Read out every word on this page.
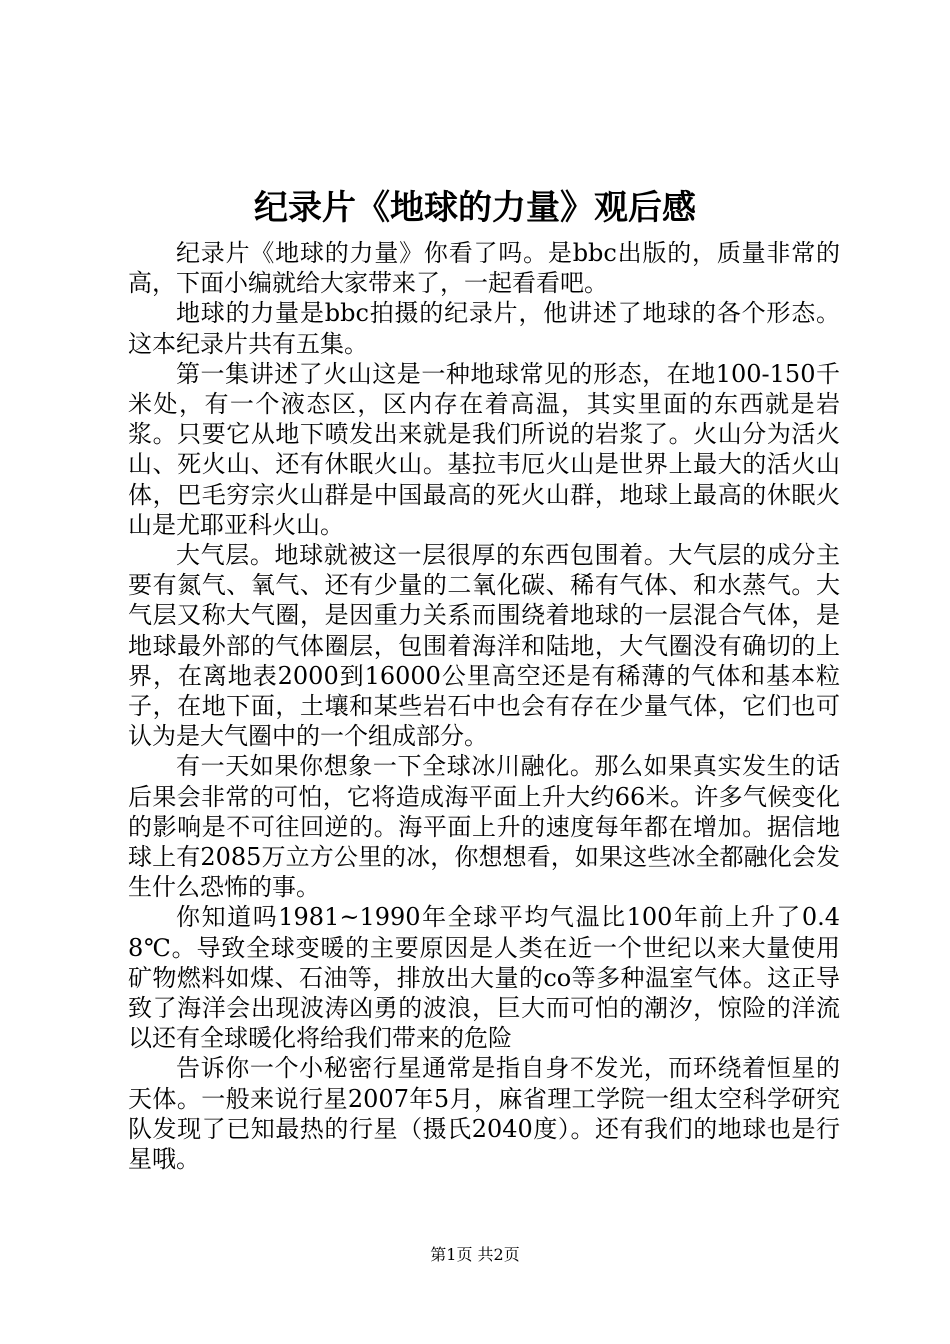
纪录片《地球的力量》观后感

纪录片《地球的力量》你看了吗。是bbc出版的，质量非常的高，下面小编就给大家带来了，一起看看吧。

地球的力量是bbc拍摄的纪录片，他讲述了地球的各个形态。这本纪录片共有五集。

第一集讲述了火山这是一种地球常见的形态，在地100-150千米处，有一个液态区，区内存在着高温，其实里面的东西就是岩浆。只要它从地下喷发出来就是我们所说的岩浆了。火山分为活火山、死火山、还有休眠火山。基拉韦厄火山是世界上最大的活火山体，巴毛穷宗火山群是中国最高的死火山群，地球上最高的休眠火山是尤耶亚科火山。

大气层。地球就被这一层很厚的东西包围着。大气层的成分主要有氮气、氧气、还有少量的二氧化碳、稀有气体、和水蒸气。大气层又称大气圈，是因重力关系而围绕着地球的一层混合气体，是地球最外部的气体圈层，包围着海洋和陆地，大气圈没有确切的上界，在离地表2000到16000公里高空还是有稀薄的气体和基本粒子，在地下面，土壤和某些岩石中也会有存在少量气体，它们也可认为是大气圈中的一个组成部分。

有一天如果你想象一下全球冰川融化。那么如果真实发生的话后果会非常的可怕，它将造成海平面上升大约66米。许多气候变化的影响是不可往回逆的。海平面上升的速度每年都在增加。据信地球上有2085万立方公里的冰，你想想看，如果这些冰全都融化会发生什么恐怖的事。

你知道吗1981~1990年全球平均气温比100年前上升了0.48℃。导致全球变暖的主要原因是人类在近一个世纪以来大量使用矿物燃料如煤、石油等，排放出大量的co等多种温室气体。这正导致了海洋会出现波涛凶勇的波浪，巨大而可怕的潮汐，惊险的洋流以还有全球暖化将给我们带来的危险

告诉你一个小秘密行星通常是指自身不发光，而环绕着恒星的天体。一般来说行星2007年5月，麻省理工学院一组太空科学研究队发现了已知最热的行星（摄氏2040度）。还有我们的地球也是行星哦。

第1页 共2页
